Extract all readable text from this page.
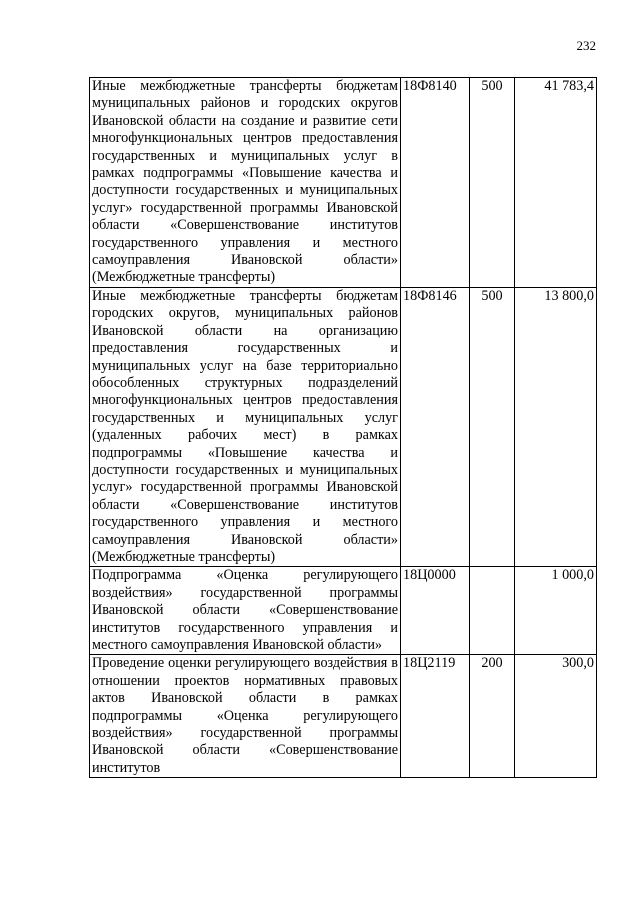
232
Иные межбюджетные трансферты бюджетам муниципальных районов и городских округов Ивановской области на создание и развитие сети многофункциональных центров предоставления государственных и муниципальных услуг в рамках подпрограммы «Повышение качества и доступности государственных и муниципальных услуг» государственной программы Ивановской области «Совершенствование институтов государственного управления и местного самоуправления Ивановской области» (Межбюджетные трансферты)	18Ф8140	500	41 783,4
Иные межбюджетные трансферты бюджетам городских округов, муниципальных районов Ивановской области на организацию предоставления государственных и муниципальных услуг на базе территориально обособленных структурных подразделений многофункциональных центров предоставления государственных и муниципальных услуг (удаленных рабочих мест) в рамках подпрограммы «Повышение качества и доступности государственных и муниципальных услуг» государственной программы Ивановской области «Совершенствование институтов государственного управления и местного самоуправления Ивановской области» (Межбюджетные трансферты)	18Ф8146	500	13 800,0
Подпрограмма «Оценка регулирующего воздействия» государственной программы Ивановской области «Совершенствование институтов государственного управления и местного самоуправления Ивановской области»	18Ц0000		1 000,0
Проведение оценки регулирующего воздействия в отношении проектов нормативных правовых актов Ивановской области в рамках подпрограммы «Оценка регулирующего воздействия» государственной программы Ивановской области «Совершенствование институтов	18Ц2119	200	300,0
